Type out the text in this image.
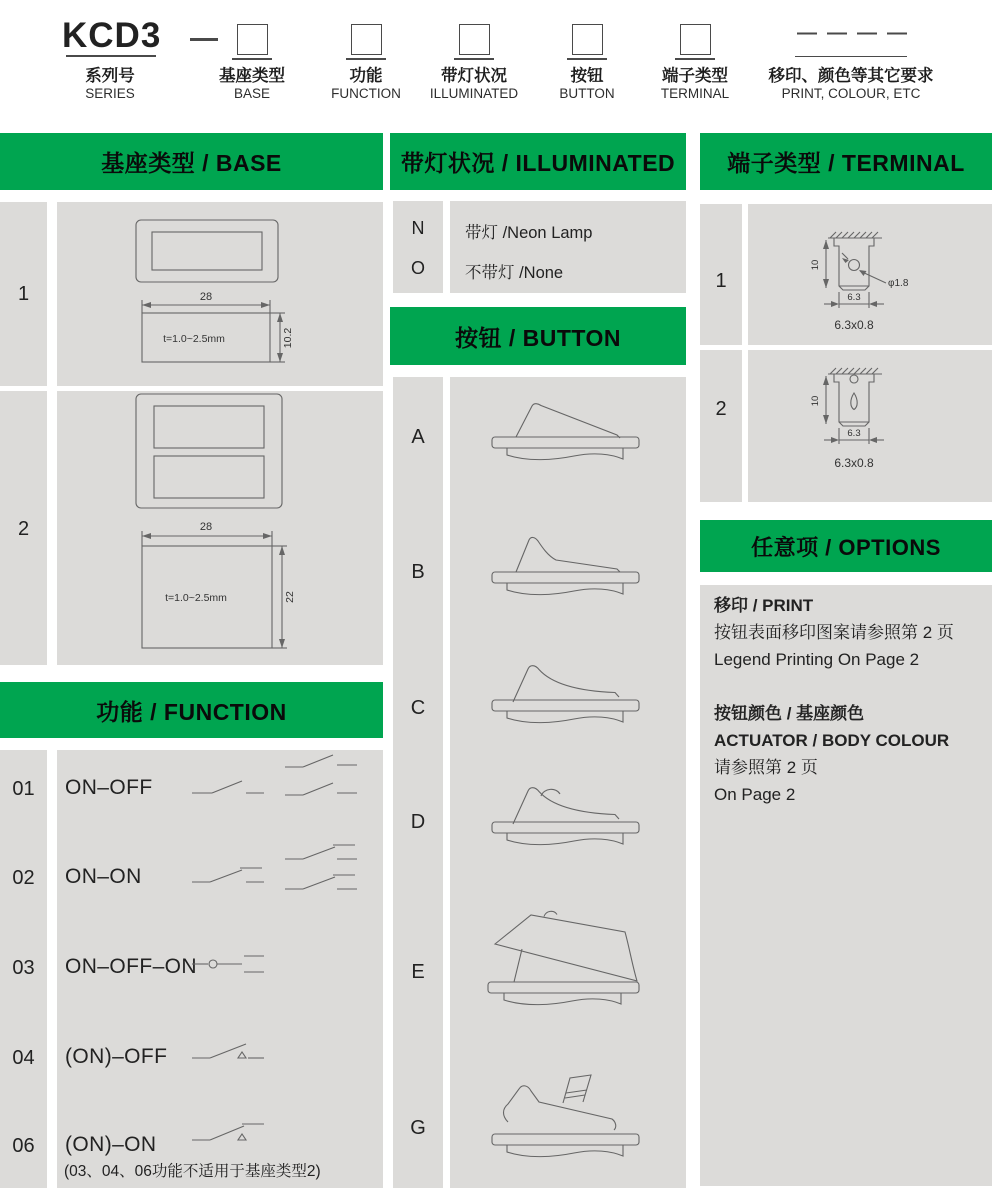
KCD3
系列号
SERIES
基座类型
BASE
功能
FUNCTION
带灯状况
ILLUMINATED
按钮
BUTTON
端子类型
TERMINAL
— — — —
移印、颜色等其它要求
PRINT, COLOUR, ETC
基座类型 / BASE	带灯状况 / ILLUMINATED	端子类型 / TERMINAL
按钮 / BUTTON
功能 / FUNCTION
任意项 / OPTIONS
1	28
t=1.0~2.5mm	10.2
2	28
t=1.0~2.5mm	22
01	ON–OFF
02	ON–ON
03	ON–OFF–ON
04	(ON)–OFF
06	(ON)–ON
(03、04、06功能不适用于基座类型2)
N	带灯 /Neon Lamp
O	不带灯 /None
A
B
C
D
E
G
1	φ1.8
10
6.3
6.3x0.8
2	10
6.3
6.3x0.8
移印 / PRINT
按钮表面移印图案请参照第 2 页
Legend Printing On Page 2

按钮颜色 / 基座颜色
ACTUATOR / BODY COLOUR
请参照第 2 页
On Page 2
